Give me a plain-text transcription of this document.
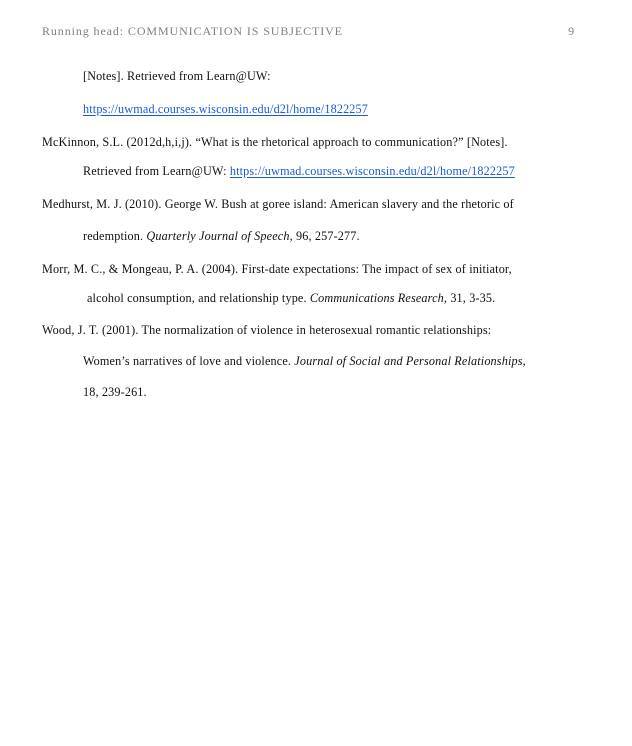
Running head: COMMUNICATION IS SUBJECTIVE	9
[Notes]. Retrieved from Learn@UW:
https://uwmad.courses.wisconsin.edu/d2l/home/1822257
McKinnon, S.L. (2012d,h,i,j). “What is the rhetorical approach to communication?” [Notes].
Retrieved from Learn@UW: https://uwmad.courses.wisconsin.edu/d2l/home/1822257
Medhurst, M. J. (2010). George W. Bush at goree island: American slavery and the rhetoric of
redemption. Quarterly Journal of Speech, 96, 257-277.
Morr, M. C., & Mongeau, P. A. (2004). First-date expectations: The impact of sex of initiator,
alcohol consumption, and relationship type. Communications Research, 31, 3-35.
Wood, J. T. (2001). The normalization of violence in heterosexual romantic relationships:
Women’s narratives of love and violence. Journal of Social and Personal Relationships,
18, 239-261.
